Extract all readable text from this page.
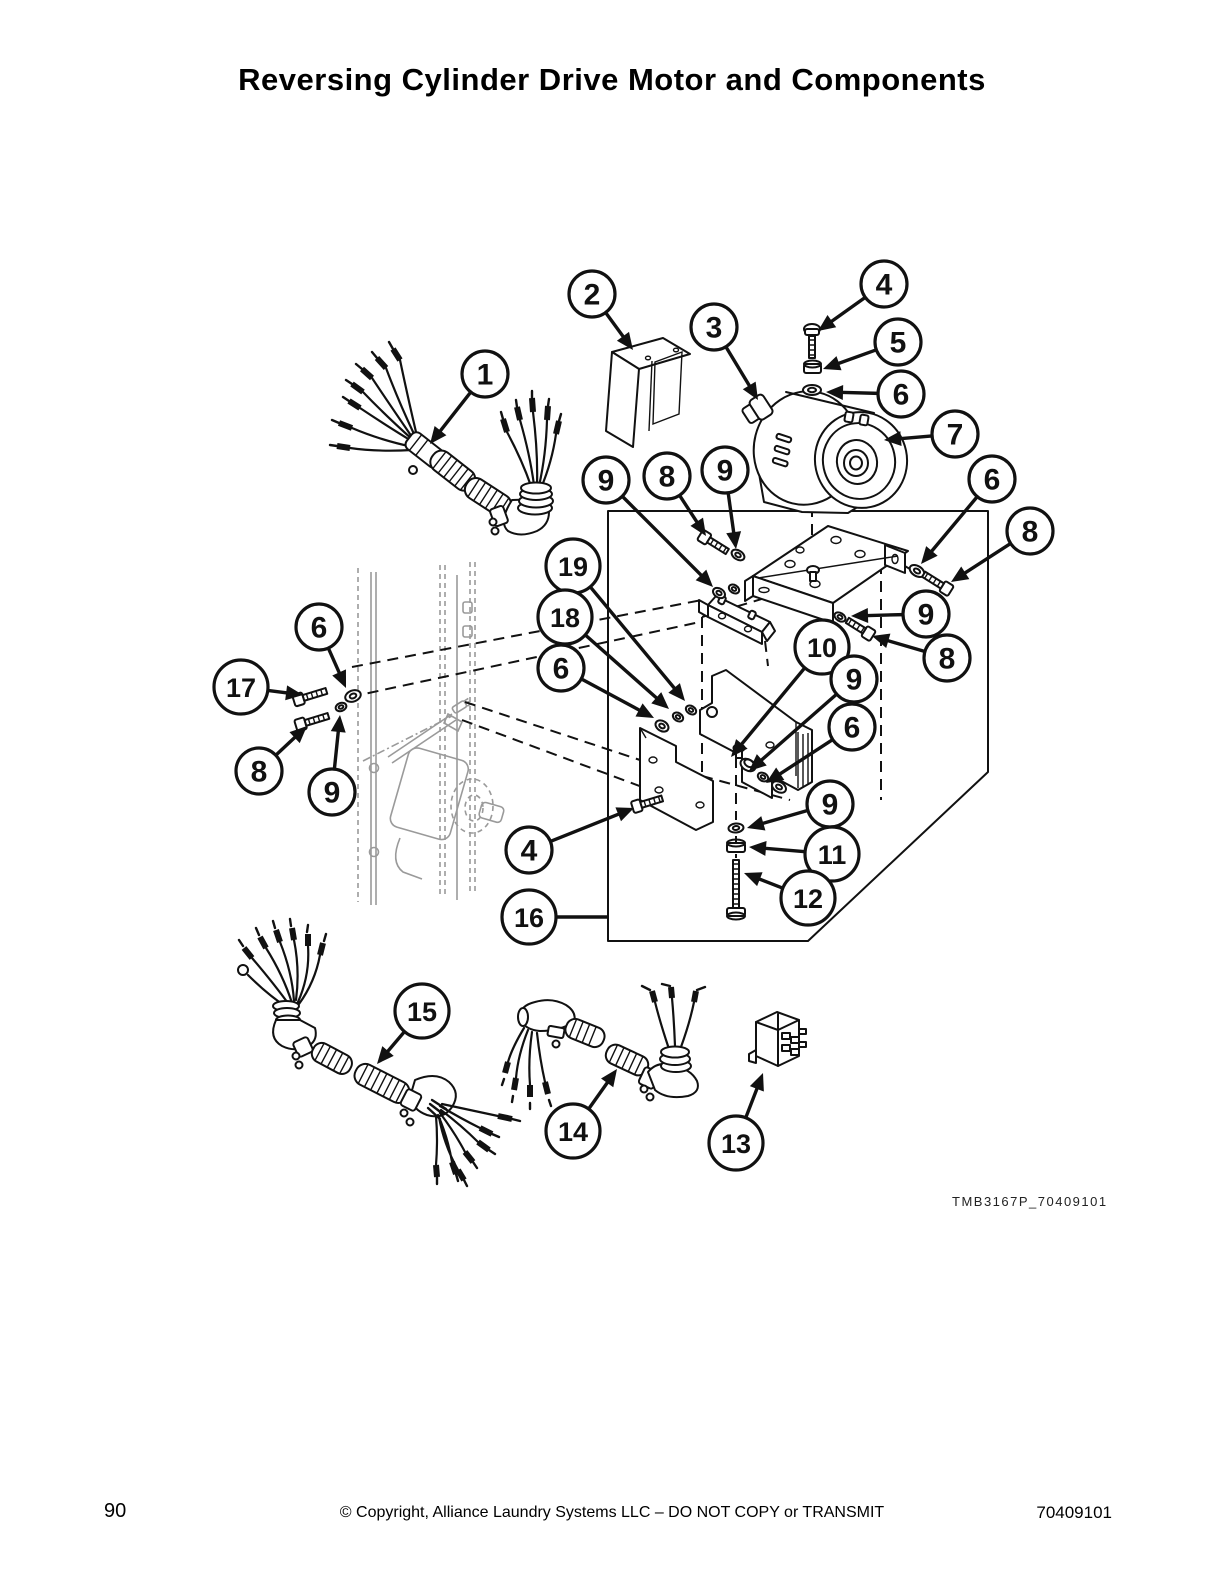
Reversing Cylinder Drive Motor and Components
2	4
3	5
1
6
7
9 8 9	6
8
19
9
18
8
10
6	9
6
6
17
8
9	9
4	11
12
16
15
14	13
TMB3167P_70409101
90	© Copyright, Alliance Laundry Systems LLC – DO NOT COPY or TRANSMIT	70409101
